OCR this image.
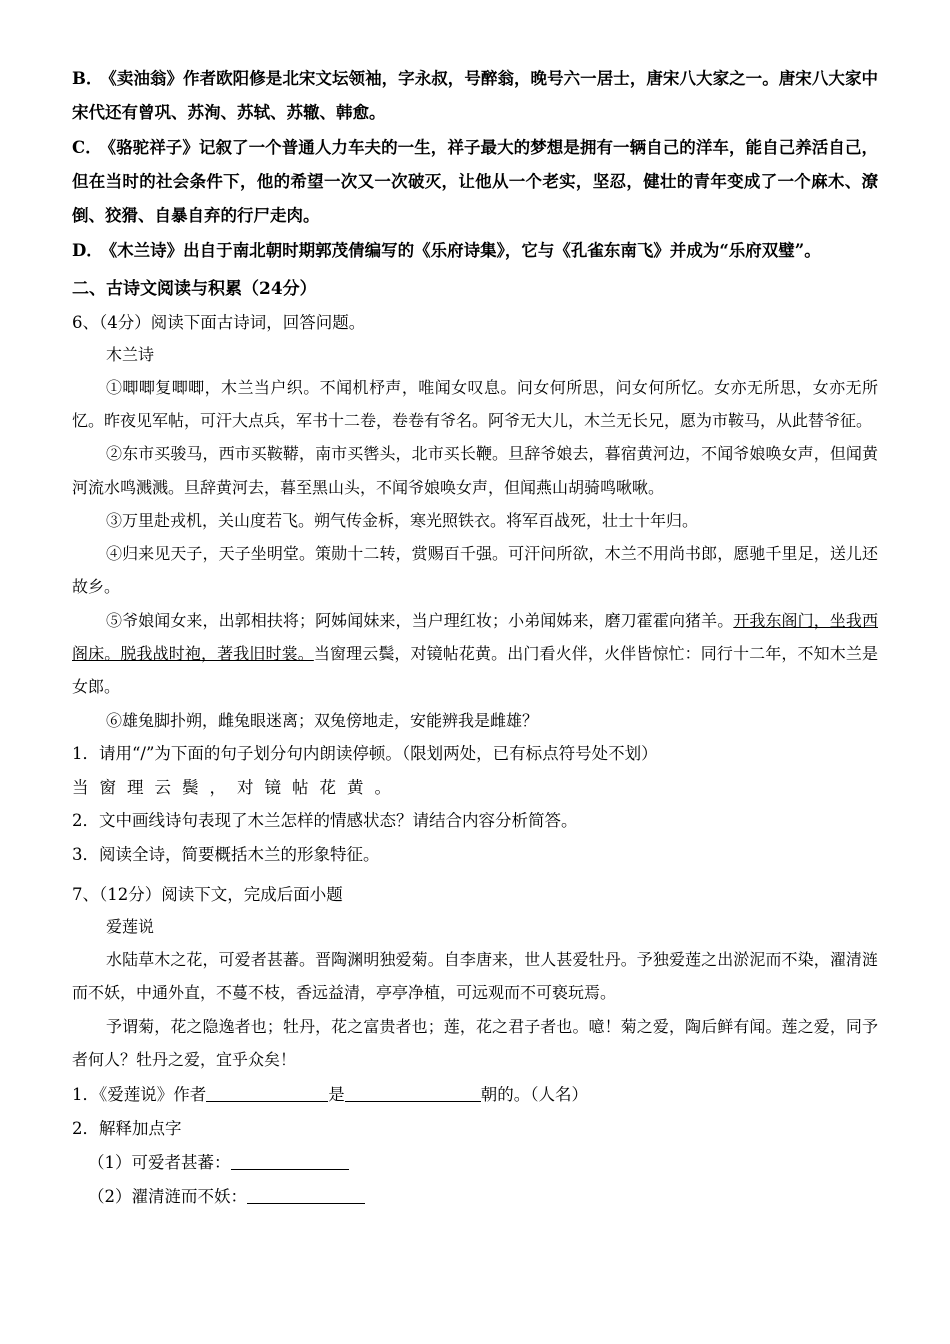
B． 《卖油翁》作者欧阳修是北宋文坛领袖，字永叔，号醉翁，晚号六一居士，唐宋八大家之一。唐宋八大家中宋代还有曾巩、苏洵、苏轼、苏辙、韩愈。
C． 《骆驼祥子》记叙了一个普通人力车夫的一生，祥子最大的梦想是拥有一辆自己的洋车，能自己养活自己，但在当时的社会条件下，他的希望一次又一次破灭，让他从一个老实，坚忍，健壮的青年变成了一个麻木、潦倒、狡猾、自暴自弃的行尸走肉。
D． 《木兰诗》出自于南北朝时期郭茂倩编写的《乐府诗集》，它与《孔雀东南飞》并成为“乐府双璧”。
二、古诗文阅读与积累（24分）
6、（4分）阅读下面古诗词，回答问题。
木兰诗
①唧唧复唧唧，木兰当户织。不闻机杼声，唯闻女叹息。问女何所思，问女何所忆。女亦无所思，女亦无所忆。昨夜见军帖，可汗大点兵，军书十二卷，卷卷有爷名。阿爷无大儿，木兰无长兄，愿为市鞍马，从此替爷征。
②东市买骏马，西市买鞍鞯，南市买辔头，北市买长鞭。旦辞爷娘去，暮宿黄河边，不闻爷娘唤女声，但闻黄河流水鸣溅溅。旦辞黄河去，暮至黑山头，不闻爷娘唤女声，但闻燕山胡骑鸣啾啾。
③万里赴戎机，关山度若飞。朔气传金柝，寒光照铁衣。将军百战死，壮士十年归。
④归来见天子，天子坐明堂。策勋十二转，赏赐百千强。可汗问所欲，木兰不用尚书郎，愿驰千里足，送儿还故乡。
⑤爷娘闻女来，出郭相扶将；阿姊闻妹来，当户理红妆；小弟闻姊来，磨刀霍霍向猪羊。开我东阁门，坐我西阁床。脱我战时袍，著我旧时裳。当窗理云鬓，对镜帖花黄。出门看火伴，火伴皆惊忙：同行十二年，不知木兰是女郎。
⑥雄兔脚扑朔，雌兔眼迷离；双兔傍地走，安能辨我是雌雄？
1．请用“/”为下面的句子划分句内朗读停顿。（限划两处，已有标点符号处不划）
当窗理云鬓，对镜帖花黄。
2．文中画线诗句表现了木兰怎样的情感状态？请结合内容分析简答。
3．阅读全诗，简要概括木兰的形象特征。
7、（12分）阅读下文，完成后面小题
爱莲说
水陆草木之花，可爱者甚蕃。晋陶渊明独爱菊。自李唐来，世人甚爱牡丹。予独爱莲之出淤泥而不染，濯清涟而不妖，中通外直，不蔓不枝，香远益清，亭亭净植，可远观而不可亵玩焉。
予谓菊，花之隐逸者也；牡丹，花之富贵者也；莲，花之君子者也。噫！菊之爱，陶后鲜有闻。莲之爱，同予者何人？牡丹之爱，宜乎众矣！
1．《爱莲说》作者	是	朝的。（人名）
2．解释加点字
（1）可爱者甚蕃：
（2）濯清涟而不妖：
